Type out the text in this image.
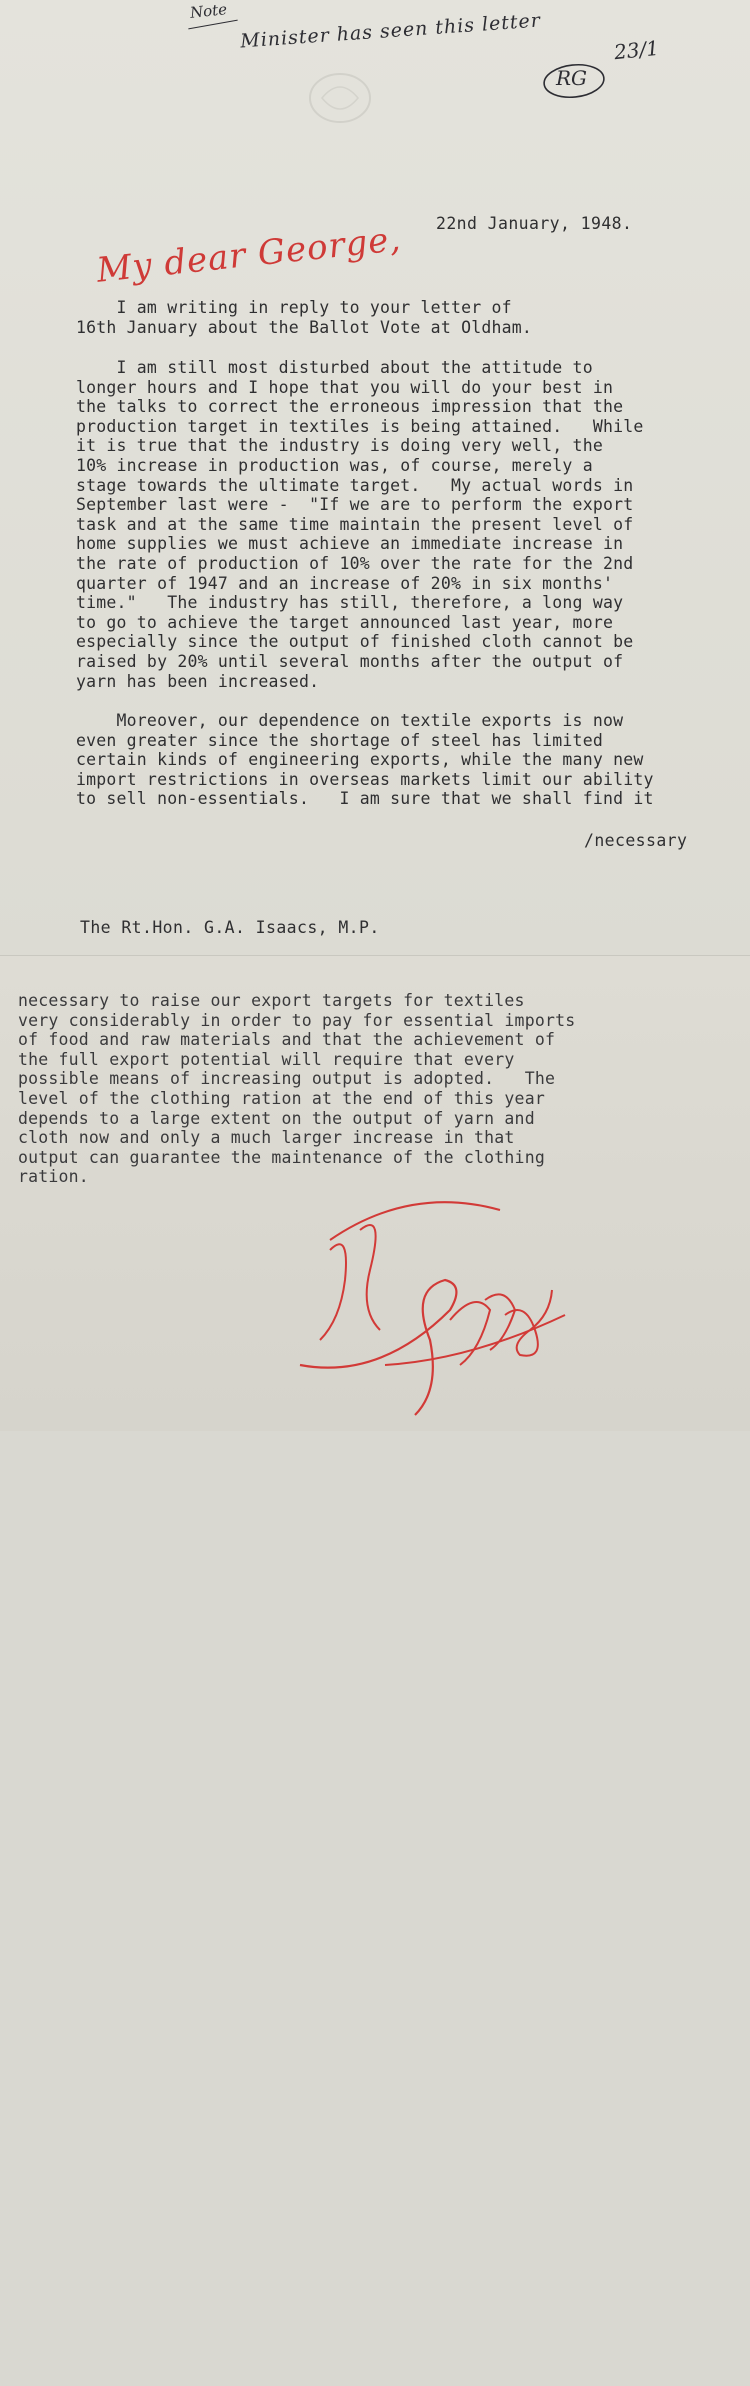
Note Minister has seen this letter	23/1
RG
22nd January, 1948.
My dear George,
I am writing in reply to your letter of
16th January about the Ballot Vote at Oldham.
I am still most disturbed about the attitude to
longer hours and I hope that you will do your best in
the talks to correct the erroneous impression that the
production target in textiles is being attained.   While
it is true that the industry is doing very well, the
10% increase in production was, of course, merely a
stage towards the ultimate target.   My actual words in
September last were -  "If we are to perform the export
task and at the same time maintain the present level of
home supplies we must achieve an immediate increase in
the rate of production of 10% over the rate for the 2nd
quarter of 1947 and an increase of 20% in six months'
time."   The industry has still, therefore, a long way
to go to achieve the target announced last year, more
especially since the output of finished cloth cannot be
raised by 20% until several months after the output of
yarn has been increased.
Moreover, our dependence on textile exports is now
even greater since the shortage of steel has limited
certain kinds of engineering exports, while the many new
import restrictions in overseas markets limit our ability
to sell non-essentials.   I am sure that we shall find it
/necessary
The Rt.Hon. G.A. Isaacs, M.P.
necessary to raise our export targets for textiles
very considerably in order to pay for essential imports
of food and raw materials and that the achievement of
the full export potential will require that every
possible means of increasing output is adopted.   The
level of the clothing ration at the end of this year
depends to a large extent on the output of yarn and
cloth now and only a much larger increase in that
output can guarantee the maintenance of the clothing
ration.
